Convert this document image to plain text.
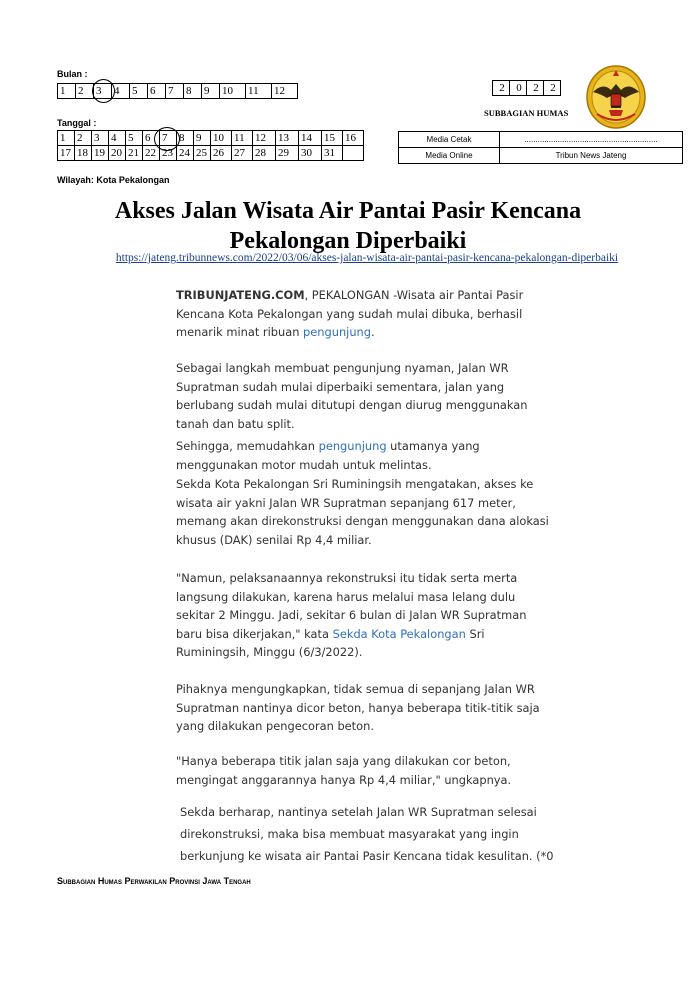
Bulan :
1	2	3	4	5	6	7	8	9	10	11	12
Tanggal :
1	2	3	4	5	6	7	8	9	10	11	12	13	14	15	16
17	18	19	20	21	22	23	24	25	26	27	28	29	30	31	
2	0	2	2
SUBBAGIAN HUMAS
Media Cetak	............................................................
Media Online	Tribun News Jateng
Wilayah: Kota Pekalongan
Akses Jalan Wisata Air Pantai Pasir Kencana
Pekalongan Diperbaiki
https://jateng.tribunnews.com/2022/03/06/akses-jalan-wisata-air-pantai-pasir-kencana-pekalongan-diperbaiki

TRIBUNJATENG.COM, PEKALONGAN -Wisata air Pantai Pasir

Kencana Kota Pekalongan yang sudah mulai dibuka, berhasil

menarik minat ribuan pengunjung.

Sebagai langkah membuat pengunjung nyaman, Jalan WR

Supratman sudah mulai diperbaiki sementara, jalan yang

berlubang sudah mulai ditutupi dengan diurug menggunakan

tanah dan batu split.

Sehingga, memudahkan pengunjung utamanya yang

menggunakan motor mudah untuk melintas.

Sekda Kota Pekalongan Sri Ruminingsih mengatakan, akses ke

wisata air yakni Jalan WR Supratman sepanjang 617 meter,

memang akan direkonstruksi dengan menggunakan dana alokasi

khusus (DAK) senilai Rp 4,4 miliar.

"Namun, pelaksanaannya rekonstruksi itu tidak serta merta

langsung dilakukan, karena harus melalui masa lelang dulu

sekitar 2 Minggu. Jadi, sekitar 6 bulan di Jalan WR Supratman

baru bisa dikerjakan," kata Sekda Kota Pekalongan Sri

Ruminingsih, Minggu (6/3/2022).

Pihaknya mengungkapkan, tidak semua di sepanjang Jalan WR

Supratman nantinya dicor beton, hanya beberapa titik-titik saja

yang dilakukan pengecoran beton.

"Hanya beberapa titik jalan saja yang dilakukan cor beton,

mengingat anggarannya hanya Rp 4,4 miliar," ungkapnya.

Sekda berharap, nantinya setelah Jalan WR Supratman selesai

direkonstruksi, maka bisa membuat masyarakat yang ingin

berkunjung ke wisata air Pantai Pasir Kencana tidak kesulitan. (*0

Subbagian Humas Perwakilan Provinsi Jawa Tengah
